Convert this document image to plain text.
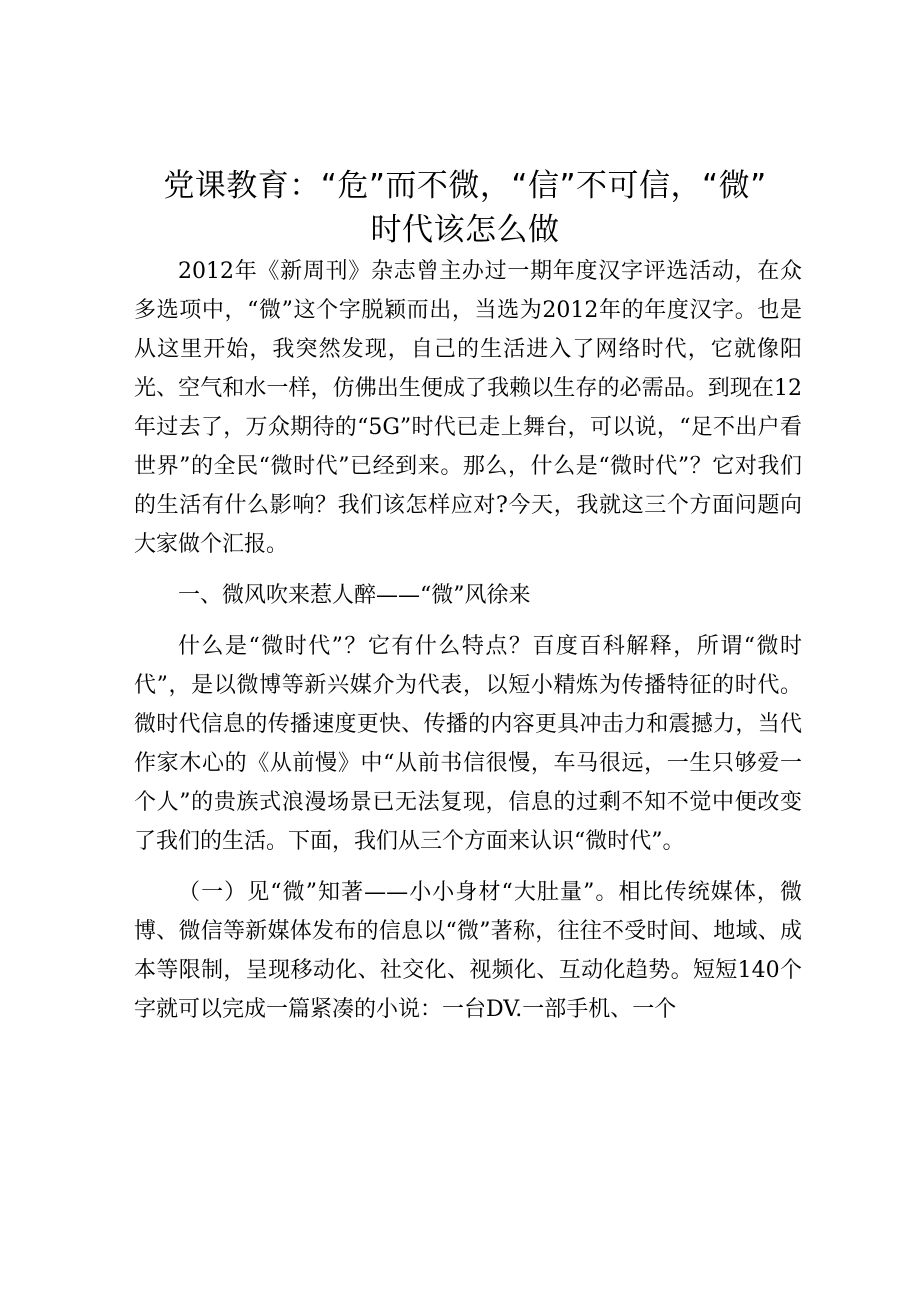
党课教育：“危”而不微，“信”不可信，“微”
时代该怎么做

2012年《新周刊》杂志曾主办过一期年度汉字评选活动，在众多选项中，“微”这个字脱颖而出，当选为2012年的年度汉字。也是从这里开始，我突然发现，自己的生活进入了网络时代，它就像阳光、空气和水一样，仿佛出生便成了我赖以生存的必需品。到现在12年过去了，万众期待的“5G”时代已走上舞台，可以说，“足不出户看世界”的全民“微时代”已经到来。那么，什么是“微时代”？它对我们的生活有什么影响？我们该怎样应对?今天，我就这三个方面问题向大家做个汇报。

一、微风吹来惹人醉——“微”风徐来

什么是“微时代”？它有什么特点？百度百科解释，所谓“微时代”，是以微博等新兴媒介为代表，以短小精炼为传播特征的时代。微时代信息的传播速度更快、传播的内容更具冲击力和震撼力，当代作家木心的《从前慢》中“从前书信很慢，车马很远，一生只够爱一个人”的贵族式浪漫场景已无法复现，信息的过剩不知不觉中便改变了我们的生活。下面，我们从三个方面来认识“微时代”。

（一）见“微”知著——小小身材“大肚量”。相比传统媒体，微博、微信等新媒体发布的信息以“微”著称，往往不受时间、地域、成本等限制，呈现移动化、社交化、视频化、互动化趋势。短短140个字就可以完成一篇紧凑的小说：一台DV.一部手机、一个
